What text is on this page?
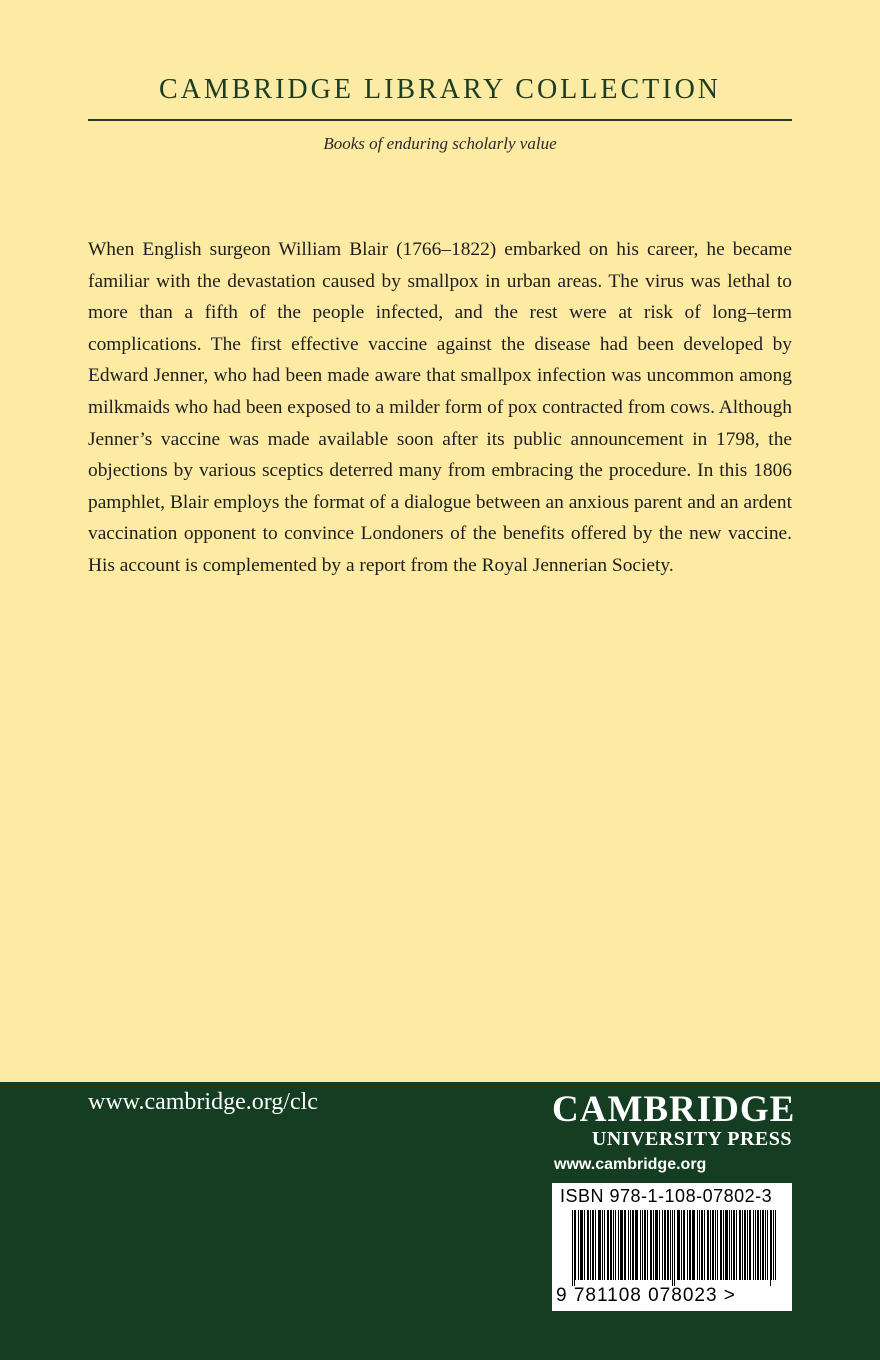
CAMBRIDGE LIBRARY COLLECTION
Books of enduring scholarly value

When English surgeon William Blair (1766–1822) embarked on his career, he became familiar with the devastation caused by smallpox in urban areas. The virus was lethal to more than a fifth of the people infected, and the rest were at risk of long–term complications. The first effective vaccine against the disease had been developed by Edward Jenner, who had been made aware that smallpox infection was uncommon among milkmaids who had been exposed to a milder form of pox contracted from cows. Although Jenner’s vaccine was made available soon after its public announcement in 1798, the objections by various sceptics deterred many from embracing the procedure. In this 1806 pamphlet, Blair employs the format of a dialogue between an anxious parent and an ardent vaccination opponent to convince Londoners of the benefits offered by the new vaccine. His account is complemented by a report from the Royal Jennerian Society.

www.cambridge.org/clc	CAMBRIDGE
UNIVERSITY PRESS
www.cambridge.org
ISBN 978-1-108-07802-3
9 781108 078023 >
